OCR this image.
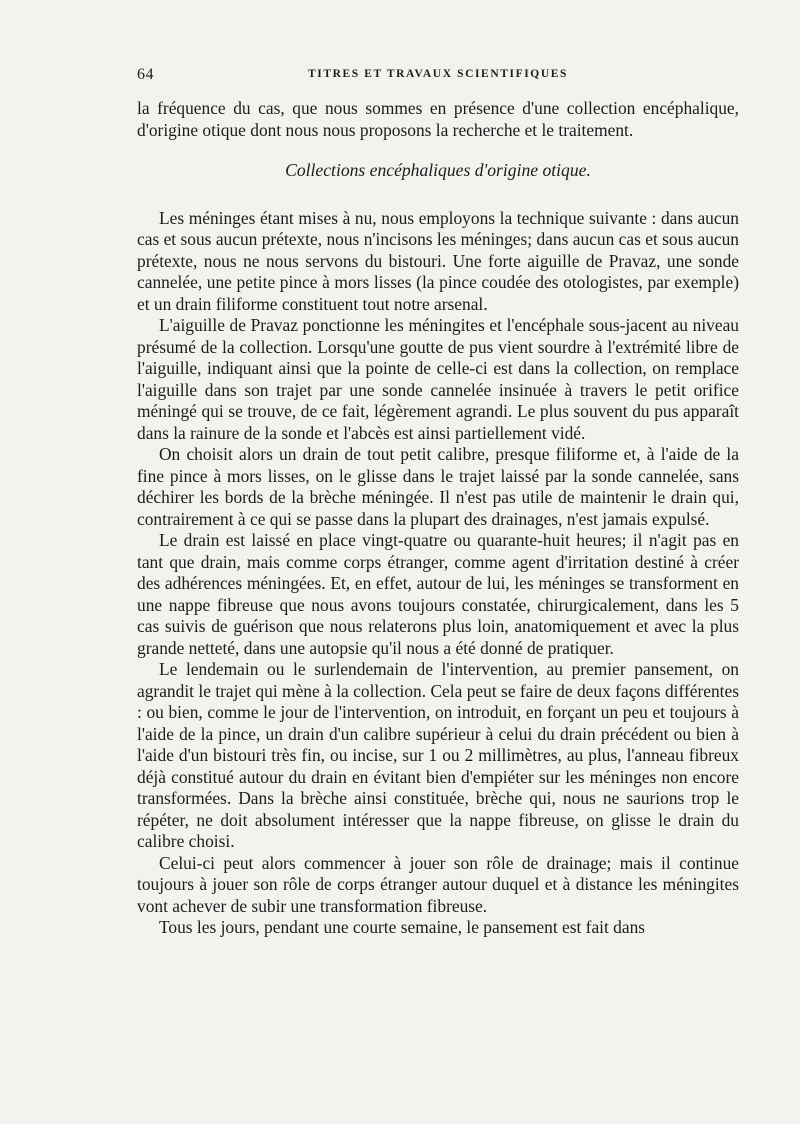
64	TITRES ET TRAVAUX SCIENTIFIQUES

la fréquence du cas, que nous sommes en présence d'une collection encéphalique, d'origine otique dont nous nous proposons la recherche et le traitement.

Collections encéphaliques d'origine otique.

Les méninges étant mises à nu, nous employons la technique suivante : dans aucun cas et sous aucun prétexte, nous n'incisons les méninges; dans aucun cas et sous aucun prétexte, nous ne nous servons du bistouri. Une forte aiguille de Pravaz, une sonde cannelée, une petite pince à mors lisses (la pince coudée des otologistes, par exemple) et un drain filiforme constituent tout notre arsenal.

L'aiguille de Pravaz ponctionne les méningites et l'encéphale sous-jacent au niveau présumé de la collection. Lorsqu'une goutte de pus vient sourdre à l'extrémité libre de l'aiguille, indiquant ainsi que la pointe de celle-ci est dans la collection, on remplace l'aiguille dans son trajet par une sonde cannelée insinuée à travers le petit orifice méningé qui se trouve, de ce fait, légèrement agrandi. Le plus souvent du pus apparaît dans la rainure de la sonde et l'abcès est ainsi partiellement vidé.

On choisit alors un drain de tout petit calibre, presque filiforme et, à l'aide de la fine pince à mors lisses, on le glisse dans le trajet laissé par la sonde cannelée, sans déchirer les bords de la brèche méningée. Il n'est pas utile de maintenir le drain qui, contrairement à ce qui se passe dans la plupart des drainages, n'est jamais expulsé.

Le drain est laissé en place vingt-quatre ou quarante-huit heures; il n'agit pas en tant que drain, mais comme corps étranger, comme agent d'irritation destiné à créer des adhérences méningées. Et, en effet, autour de lui, les méninges se transforment en une nappe fibreuse que nous avons toujours constatée, chirurgicalement, dans les 5 cas suivis de guérison que nous relaterons plus loin, anatomiquement et avec la plus grande netteté, dans une autopsie qu'il nous a été donné de pratiquer.

Le lendemain ou le surlendemain de l'intervention, au premier pansement, on agrandit le trajet qui mène à la collection. Cela peut se faire de deux façons différentes : ou bien, comme le jour de l'intervention, on introduit, en forçant un peu et toujours à l'aide de la pince, un drain d'un calibre supérieur à celui du drain précédent ou bien à l'aide d'un bistouri très fin, ou incise, sur 1 ou 2 millimètres, au plus, l'anneau fibreux déjà constitué autour du drain en évitant bien d'empiéter sur les méninges non encore transformées. Dans la brèche ainsi constituée, brèche qui, nous ne saurions trop le répéter, ne doit absolument intéresser que la nappe fibreuse, on glisse le drain du calibre choisi.

Celui-ci peut alors commencer à jouer son rôle de drainage; mais il continue toujours à jouer son rôle de corps étranger autour duquel et à distance les méningites vont achever de subir une transformation fibreuse.

Tous les jours, pendant une courte semaine, le pansement est fait dans
